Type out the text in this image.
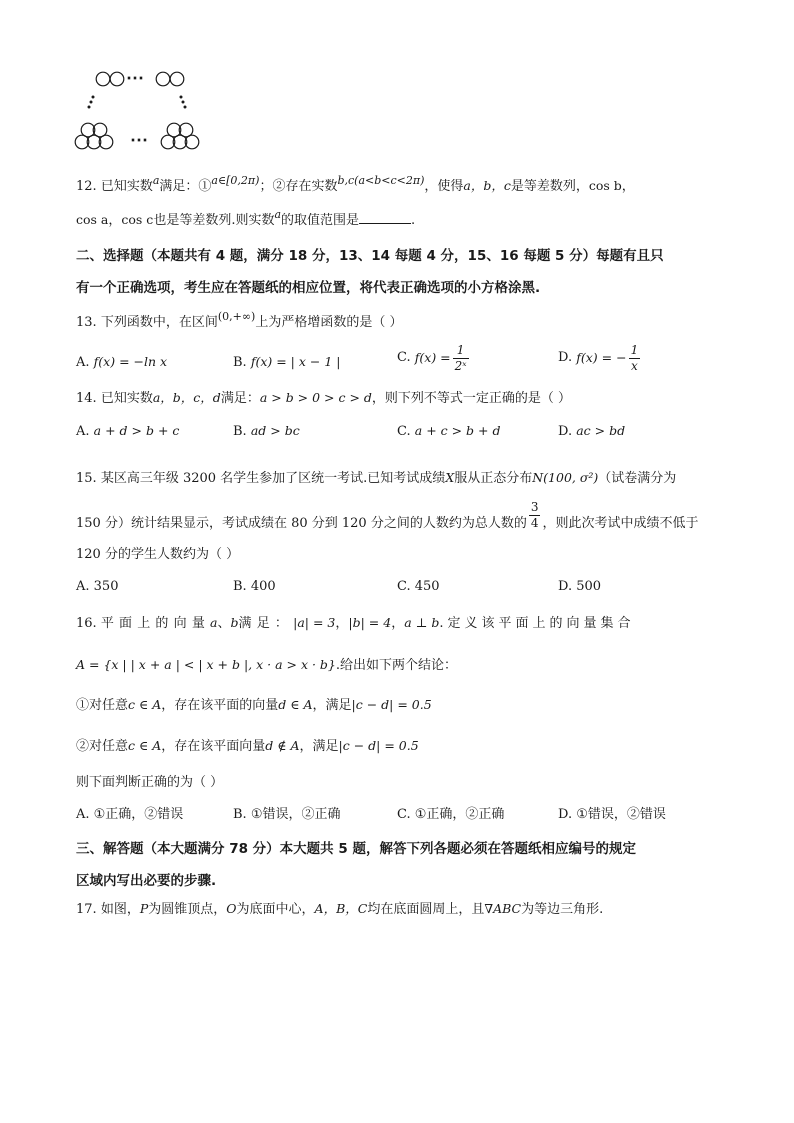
⋯
⋯
12. 已知实数$^a$满足：①$^{a\in[0,2\pi)}$；②存在实数$^{b,c(a<b<c<2\pi)}$，使得a，b，c是等差数列，cos b，
cos a，cos c也是等差数列.则实数$^a$的取值范围是	.
二、选择题（本题共有 4 题，满分 18 分，13、14 每题 4 分，15、16 每题 5 分）每题有且只
有一个正确选项，考生应在答题纸的相应位置，将代表正确选项的小方格涂黑.
13. 下列函数中，在区间$^{(0,+\infty)}$上为严格增函数的是（ ）
A. f(x) = −ln x	B. f(x) = | x − 1 |	C. $f(x) = \frac{1}{\text{2ˣ}}$	D. f(x) = − $\frac{1}{x}$
14. 已知实数a，b，c，d满足：a > b > 0 > c > d，则下列不等式一定正确的是（ ）
A. a + d > b + c	B. ad > bc	C. a + c > b + d	D. ac > bd
15. 某区高三年级 3200 名学生参加了区统一考试.已知考试成绩X服从正态分布N(100, σ²)（试卷满分为
150 分）统计结果显示，考试成绩在 80 分到 120 分之间的人数约为总人数的 $\frac{3}{4}$ ，则此次考试中成绩不低于
120 分的学生人数约为（ ）
A. 350	B. 400	C. 450	D. 500
16. 平面上的向量a、b满足：|a| = 3，|b| = 4，a ⊥ b.定义该平面上的向量集合
A = {x | | x + a | < | x + b |, x · a > x · b}.给出如下两个结论：
①对任意c ∈ A，存在该平面的向量d ∈ A，满足|c − d| = 0.5
②对任意c ∈ A，存在该平面向量d ∉ A，满足|c − d| = 0.5
则下面判断正确的为（ ）
A. ①正确，②错误	B. ①错误，②正确	C. ①正确，②正确	D. ①错误，②错误
三、解答题（本大题满分 78 分）本大题共 5 题，解答下列各题必须在答题纸相应编号的规定
区域内写出必要的步骤.
17. 如图，P为圆锥顶点，O为底面中心，A，B，C均在底面圆周上，且∇ABC为等边三角形.
